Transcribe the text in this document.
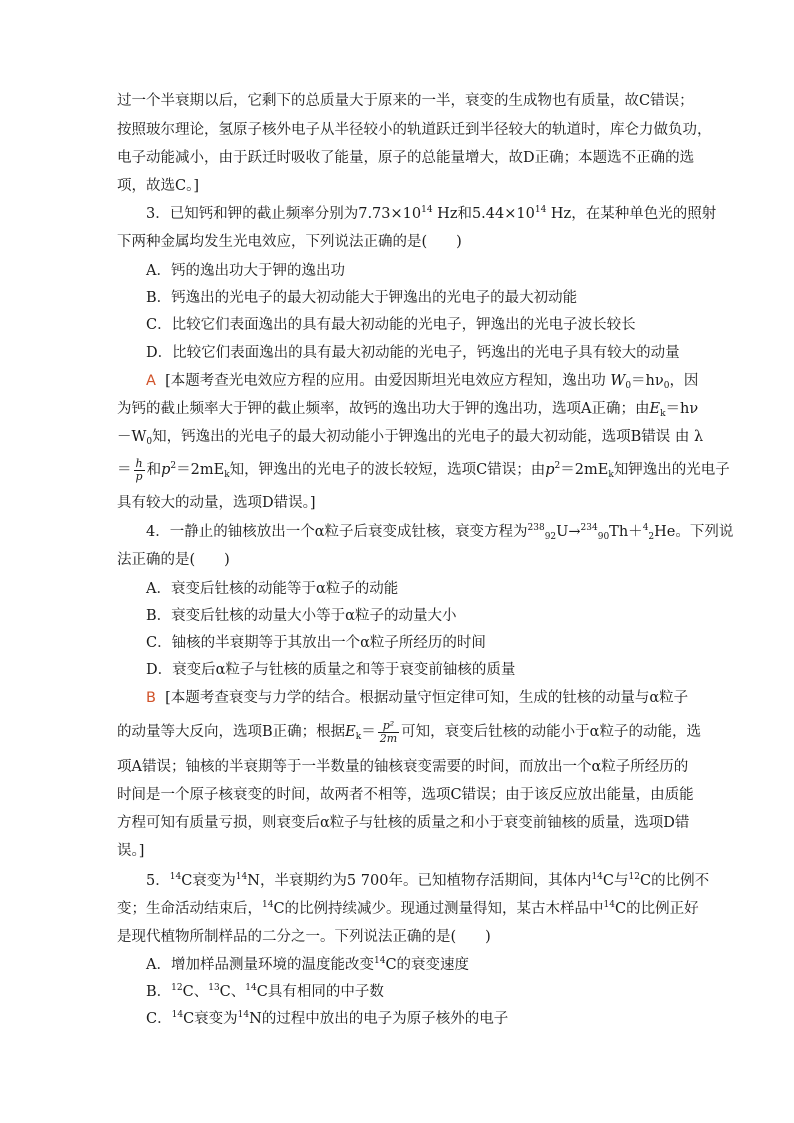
过一个半衰期以后，它剩下的总质量大于原来的一半，衰变的生成物也有质量，故C错误；

按照玻尔理论，氢原子核外电子从半径较小的轨道跃迁到半径较大的轨道时，库仑力做负功，

电子动能减小，由于跃迁时吸收了能量，原子的总能量增大，故D正确；本题选不正确的选

项，故选C。]

3．已知钙和钾的截止频率分别为$7.73\times 10^{14}$ Hz和$5.44\times 10^{14}$ Hz，在某种单色光的照射

下两种金属均发生光电效应，下列说法正确的是(　　)

A．钙的逸出功大于钾的逸出功

B．钙逸出的光电子的最大初动能大于钾逸出的光电子的最大初动能

C．比较它们表面逸出的具有最大初动能的光电子，钾逸出的光电子波长较长

D．比较它们表面逸出的具有最大初动能的光电子，钙逸出的光电子具有较大的动量

A [本题考查光电效应方程的应用。由爱因斯坦光电效应方程知，逸出功 $W_0=h\nu_0$，因

为钙的截止频率大于钾的截止频率，故钙的逸出功大于钾的逸出功，选项A正确；由$E_k=h\nu$

$-W_0$知，钙逸出的光电子的最大初动能小于钾逸出的光电子的最大初动能，选项B错误 由 λ

＝ $\frac{h}{p}$ 和$p^2=2mE_k$知，钾逸出的光电子的波长较短，选项C错误；由$p^2=2mE_k$知钾逸出的光电子

具有较大的动量，选项D错误。]

4．一静止的铀核放出一个α粒子后衰变成钍核，衰变方程为$^{238}_{92}$U→$^{234}_{90}$Th＋$^4_2$He。下列说

法正确的是(　　)

A．衰变后钍核的动能等于α粒子的动能

B．衰变后钍核的动量大小等于α粒子的动量大小

C．铀核的半衰期等于其放出一个α粒子所经历的时间

D．衰变后α粒子与钍核的质量之和等于衰变前铀核的质量

B [本题考查衰变与力学的结合。根据动量守恒定律可知，生成的钍核的动量与α粒子

的动量等大反向，选项B正确；根据$E_k= \frac{\text{p²}}{2m}$ 可知，衰变后钍核的动能小于α粒子的动能，选

项A错误；铀核的半衰期等于一半数量的铀核衰变需要的时间，而放出一个α粒子所经历的

时间是一个原子核衰变的时间，故两者不相等，选项C错误；由于该反应放出能量，由质能

方程可知有质量亏损，则衰变后α粒子与钍核的质量之和小于衰变前铀核的质量，选项D错

误。]

5．$^{14}$C衰变为$^{14}$N，半衰期约为5 700年。已知植物存活期间，其体内$^{14}$C与$^{12}$C的比例不

变；生命活动结束后，$^{14}$C的比例持续减少。现通过测量得知，某古木样品中$^{14}$C的比例正好

是现代植物所制样品的二分之一。下列说法正确的是(　　)

A．增加样品测量环境的温度能改变$^{14}$C的衰变速度

B．$^{12}$C、$^{13}$C、$^{14}$C具有相同的中子数

C．$^{14}$C衰变为$^{14}$N的过程中放出的电子为原子核外的电子
